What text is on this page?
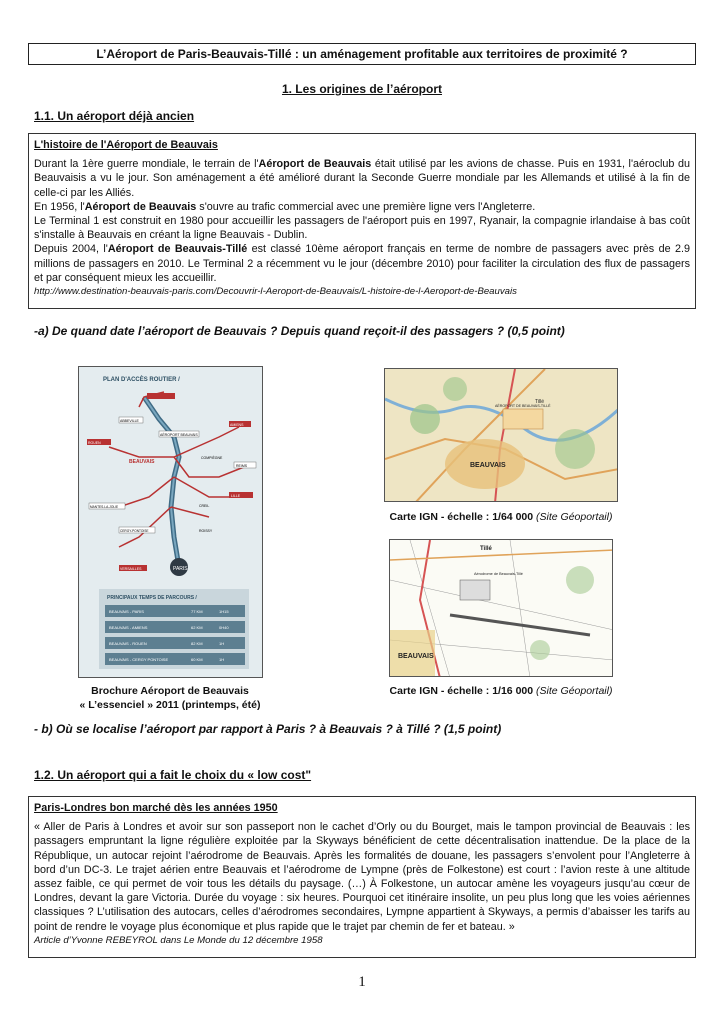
L’Aéroport de Paris-Beauvais-Tillé : un aménagement profitable aux territoires de proximité ?
1. Les origines de l’aéroport
1.1. Un aéroport déjà ancien

L'histoire de l'Aéroport de Beauvais

Durant la 1ère guerre mondiale, le terrain de l'Aéroport de Beauvais était utilisé par les avions de chasse. Puis en 1931, l'aéroclub du Beauvaisis a vu le jour. Son aménagement a été amélioré durant la Seconde Guerre mondiale par les Allemands et utilisé à la fin de celle-ci par les Alliés.

En 1956, l'Aéroport de Beauvais s'ouvre au trafic commercial avec une première ligne vers l'Angleterre.

Le Terminal 1 est construit en 1980 pour accueillir les passagers de l'aéroport puis en 1997, Ryanair, la compagnie irlandaise à bas coût s'installe à Beauvais en créant la ligne Beauvais - Dublin.

Depuis 2004, l'Aéroport de Beauvais-Tillé est classé 10ème aéroport français en terme de nombre de passagers avec près de 2.9 millions de passagers en 2010. Le Terminal 2 a récemment vu le jour (décembre 2010) pour faciliter la circulation des flux de passagers et par conséquent mieux les accueillir.

http://www.destination-beauvais-paris.com/Decouvrir-l-Aeroport-de-Beauvais/L-histoire-de-l-Aeroport-de-Beauvais

-a) De quand date l’aéroport de Beauvais ? Depuis quand reçoit-il des passagers ? (0,5 point)
PLAN D'ACCÈS ROUTIER /
PARIS
AÉROPORT BEAUVAIS
BEAUVAIS
ROUEN
ABBEVILLE
AMIENS
COMPIÈGNE
REIMS
LILLE
CERGY-PONTOISE
MANTES-LA-JOLIE
VERSAILLES
CREIL
ROISSY
PRINCIPAUX TEMPS DE PARCOURS /
BEAUVAIS - PARIS	77 KM	1H15
BEAUVAIS - AMIENS	62 KM	0H40
BEAUVAIS - ROUEN	82 KM	1H
BEAUVAIS - CERGY PONTOISE	60 KM	1H
Brochure Aéroport de Beauvais
« L’essenciel » 2011 (printemps, été)
BEAUVAIS
AÉROPORT DE BEAUVAIS-TILLÉ
Tillé
Carte IGN - échelle : 1/64 000 (Site Géoportail)
Tillé
Aérodrome de Beauvais-Tillé
BEAUVAIS
Carte IGN - échelle : 1/16 000 (Site Géoportail)
- b) Où se localise l’aéroport par rapport à Paris ? à Beauvais ? à Tillé ? (1,5 point)
1.2. Un aéroport qui a fait le choix du « low cost"

Paris-Londres bon marché dès les années 1950

« Aller de Paris à Londres et avoir sur son passeport non le cachet d’Orly ou du Bourget, mais le tampon provincial de Beauvais : les passagers empruntant la ligne régulière exploitée par la Skyways bénéficient de cette décentralisation inattendue. De la place de la République, un autocar rejoint l’aérodrome de Beauvais. Après les formalités de douane, les passagers s’envolent pour l’Angleterre à bord d’un DC-3. Le trajet aérien entre Beauvais et l’aérodrome de Lympne (près de Folkestone) est court : l’avion reste à une altitude assez faible, ce qui permet de voir tous les détails du paysage. (…) À Folkestone, un autocar amène les voyageurs jusqu’au cœur de Londres, devant la gare Victoria. Durée du voyage : six heures. Pourquoi cet itinéraire insolite, un peu plus long que les voies aériennes classiques ? L’utilisation des autocars, celles d’aérodromes secondaires, Lympne appartient à Skyways, a permis d’abaisser les tarifs au point de rendre le voyage plus économique et plus rapide que le trajet par chemin de fer et bateau. »

Article d’Yvonne REBEYROL dans Le Monde du 12 décembre 1958

1
